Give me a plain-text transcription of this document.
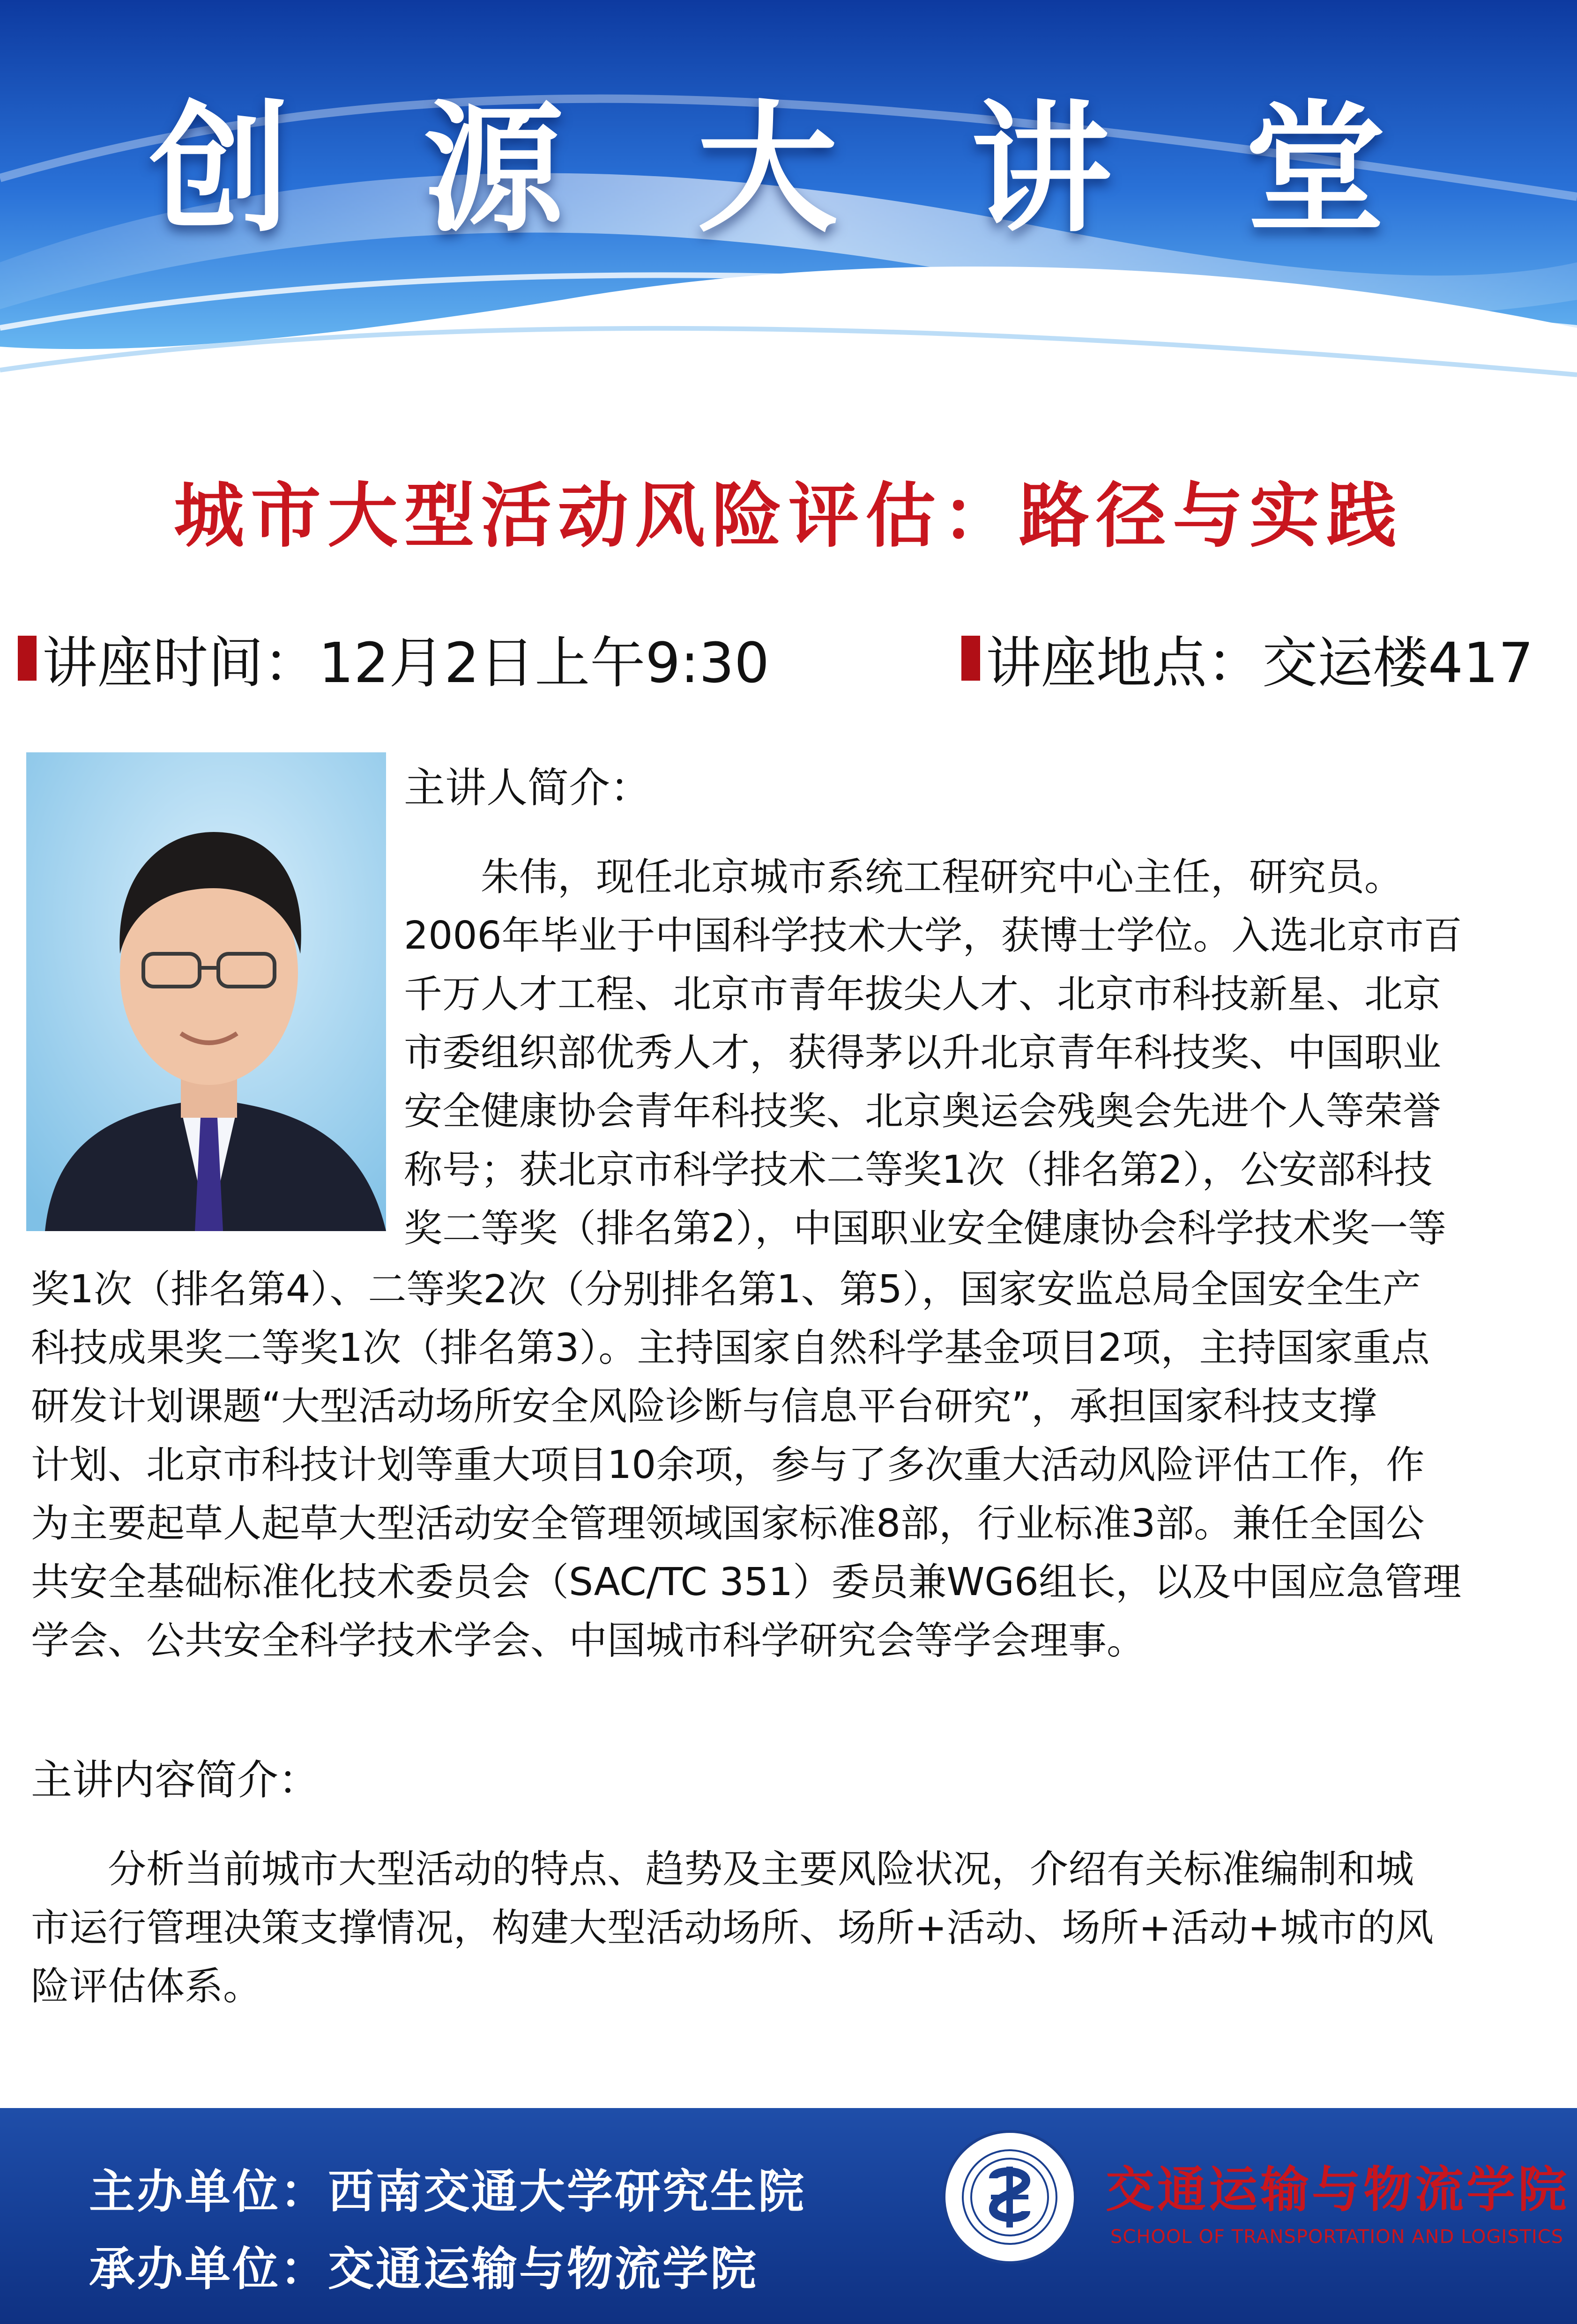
创 源 大 讲 堂
城市大型活动风险评估：路径与实践
讲座时间：12月2日上午9:30	讲座地点：交运楼417
主讲人简介：
　　朱伟，现任北京城市系统工程研究中心主任，研究员。
2006年毕业于中国科学技术大学，获博士学位。入选北京市百
千万人才工程、北京市青年拔尖人才、北京市科技新星、北京
市委组织部优秀人才，获得茅以升北京青年科技奖、中国职业
安全健康协会青年科技奖、北京奥运会残奥会先进个人等荣誉
称号；获北京市科学技术二等奖1次（排名第2），公安部科技
奖二等奖（排名第2），中国职业安全健康协会科学技术奖一等
奖1次（排名第4）、二等奖2次（分别排名第1、第5），国家安监总局全国安全生产
科技成果奖二等奖1次（排名第3）。主持国家自然科学基金项目2项，主持国家重点
研发计划课题“大型活动场所安全风险诊断与信息平台研究”，承担国家科技支撑
计划、北京市科技计划等重大项目10余项，参与了多次重大活动风险评估工作，作
为主要起草人起草大型活动安全管理领域国家标准8部，行业标准3部。兼任全国公
共安全基础标准化技术委员会（SAC/TC 351）委员兼WG6组长，以及中国应急管理
学会、公共安全科学技术学会、中国城市科学研究会等学会理事。
主讲内容简介：
　　分析当前城市大型活动的特点、趋势及主要风险状况，介绍有关标准编制和城
市运行管理决策支撑情况，构建大型活动场所、场所+活动、场所+活动+城市的风
险评估体系。
主办单位：西南交通大学研究生院
承办单位：交通运输与物流学院
交通运输与物流学院
SCHOOL OF TRANSPORTATION AND LOGISTICS
